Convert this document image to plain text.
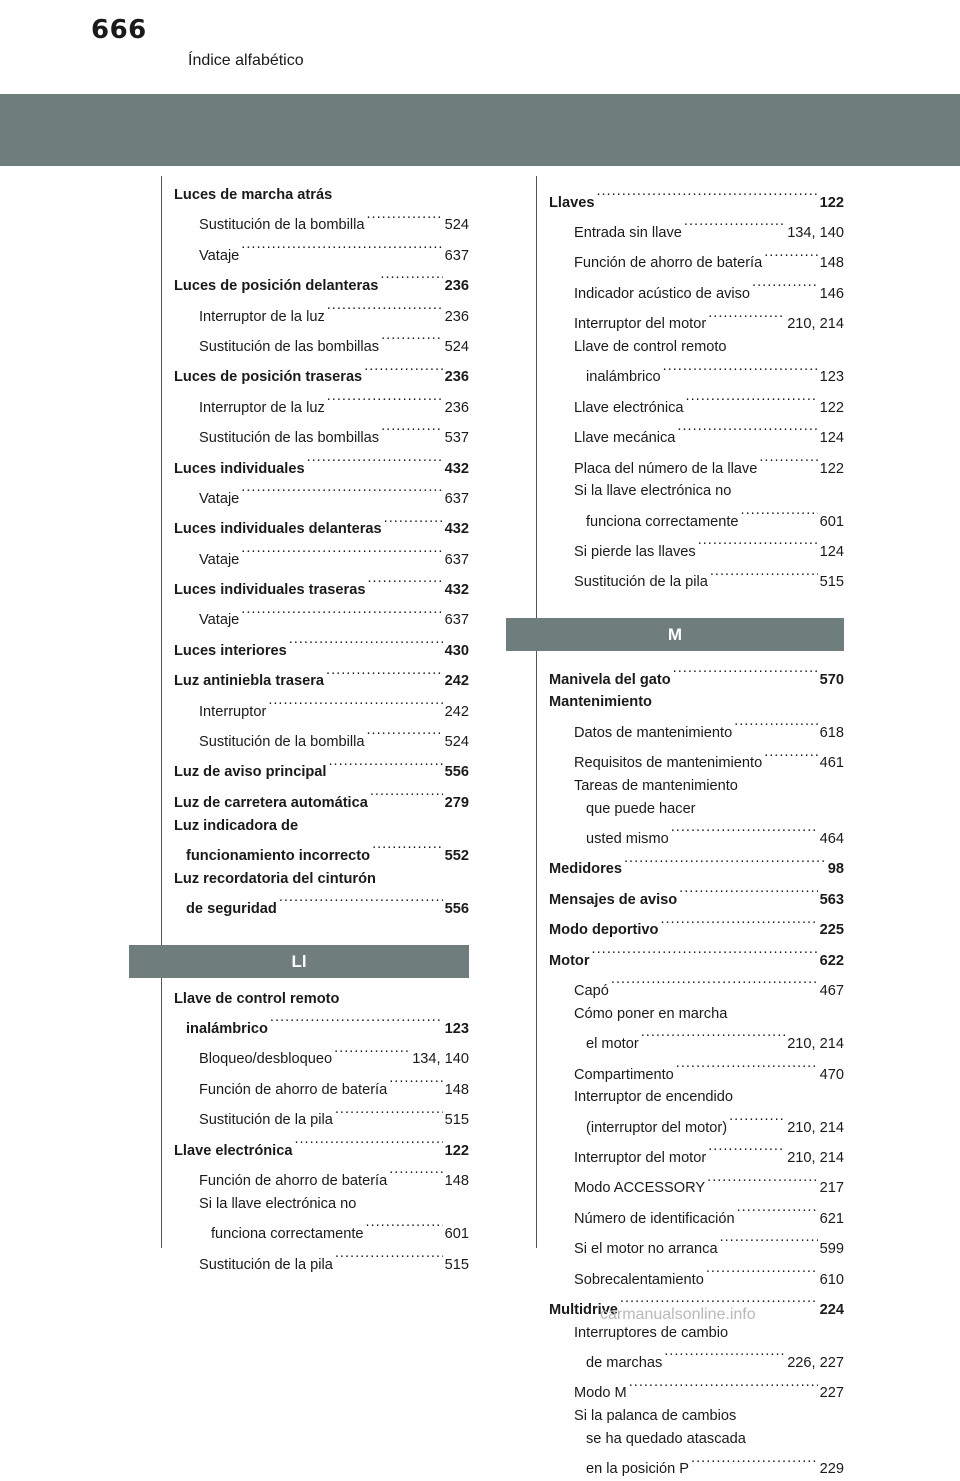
666
Índice alfabético
Luces de marcha atrás
Sustitución de la bombilla .....	524
Vataje .....	637
Luces de posición delanteras .....	236
Interruptor de la luz .....	236
Sustitución de las bombillas .....	524
Luces de posición traseras .....	236
Interruptor de la luz .....	236
Sustitución de las bombillas .....	537
Luces individuales .....	432
Vataje .....	637
Luces individuales delanteras .....	432
Vataje .....	637
Luces individuales traseras .....	432
Vataje .....	637
Luces interiores .....	430
Luz antiniebla trasera .....	242
Interruptor .....	242
Sustitución de la bombilla .....	524
Luz de aviso principal .....	556
Luz de carretera automática .....	279
Luz indicadora de
funcionamiento incorrecto .....	552
Luz recordatoria del cinturón
de seguridad .....	556
Ll
Llave de control remoto
inalámbrico .....	123
Bloqueo/desbloqueo .....	134, 140
Función de ahorro de batería .....	148
Sustitución de la pila .....	515
Llave electrónica .....	122
Función de ahorro de batería .....	148
Si la llave electrónica no
funciona correctamente .....	601
Sustitución de la pila .....	515
Llaves .....	122
Entrada sin llave .....	134, 140
Función de ahorro de batería .....	148
Indicador acústico de aviso .....	146
Interruptor del motor .....	210, 214
Llave de control remoto
inalámbrico .....	123
Llave electrónica .....	122
Llave mecánica .....	124
Placa del número de la llave .....	122
Si la llave electrónica no
funciona correctamente .....	601
Si pierde las llaves .....	124
Sustitución de la pila .....	515
M
Manivela del gato .....	570
Mantenimiento
Datos de mantenimiento .....	618
Requisitos de mantenimiento .....	461
Tareas de mantenimiento
que puede hacer
usted mismo .....	464
Medidores .....	98
Mensajes de aviso .....	563
Modo deportivo .....	225
Motor .....	622
Capó .....	467
Cómo poner en marcha
el motor .....	210, 214
Compartimento .....	470
Interruptor de encendido
(interruptor del motor) .....	210, 214
Interruptor del motor .....	210, 214
Modo ACCESSORY .....	217
Número de identificación .....	621
Si el motor no arranca .....	599
Sobrecalentamiento .....	610
Multidrive .....	224
Interruptores de cambio
de marchas .....	226, 227
Modo M .....	227
Si la palanca de cambios
se ha quedado atascada
en la posición P .....	229
carmanualsonline.info
